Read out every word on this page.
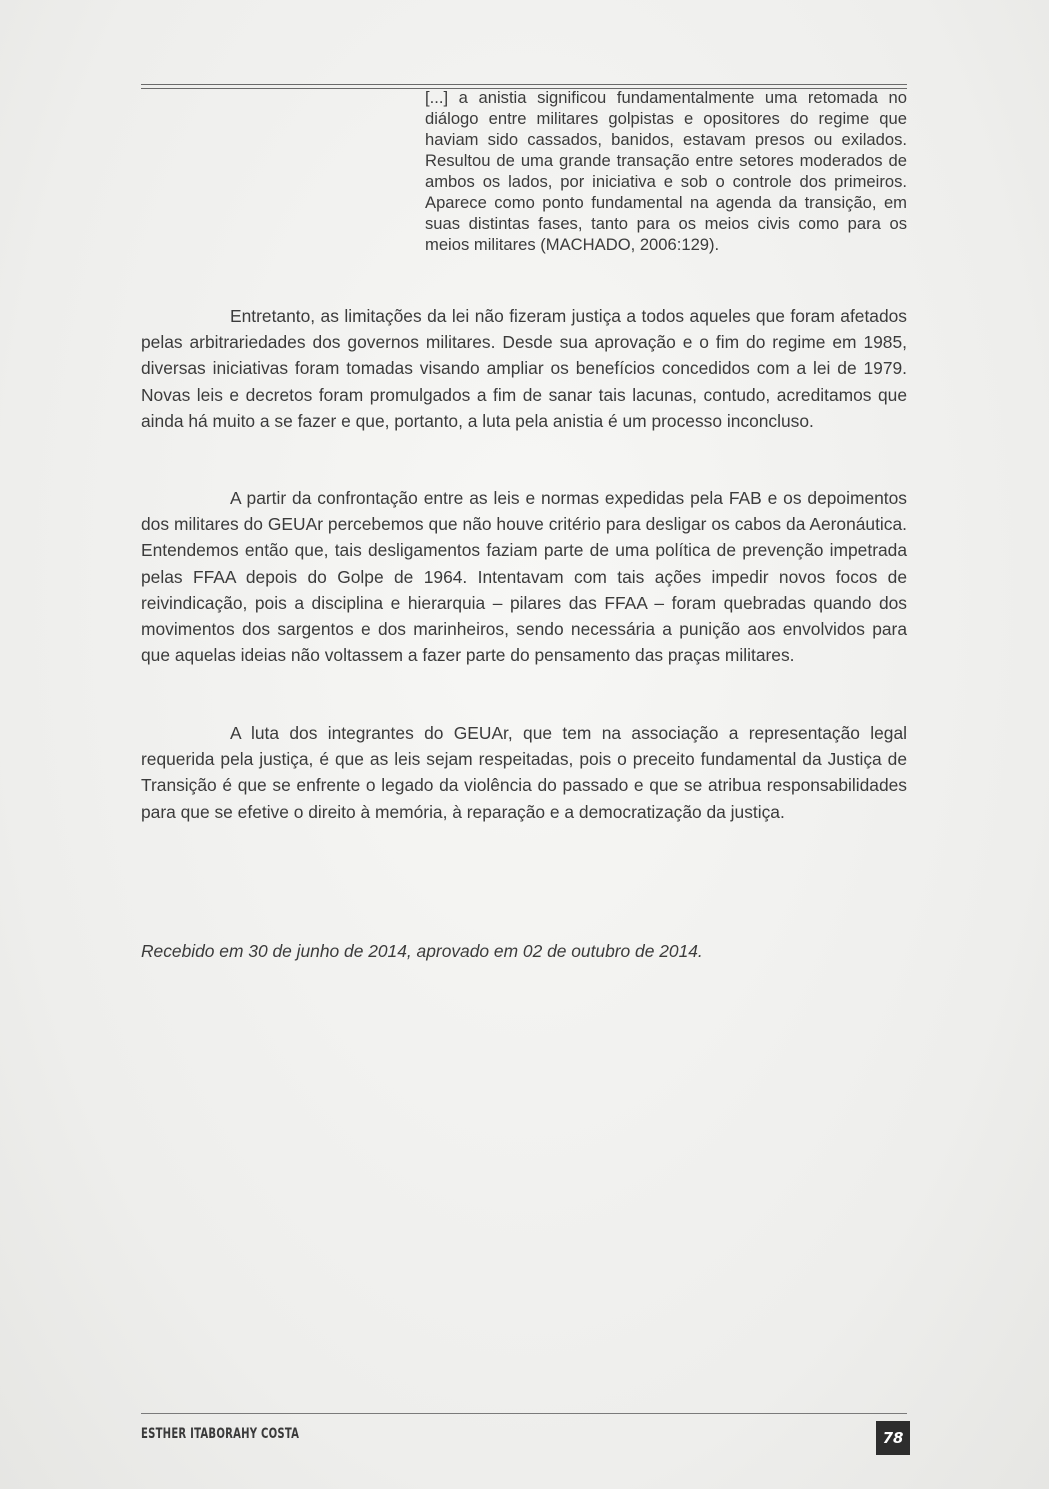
[...] a anistia significou fundamentalmente uma retomada no diálogo entre militares golpistas e opositores do regime que haviam sido cassados, banidos, estavam presos ou exilados. Resultou de uma grande transação entre setores moderados de ambos os lados, por iniciativa e sob o controle dos primeiros. Aparece como ponto fundamental na agenda da transição, em suas distintas fases, tanto para os meios civis como para os meios militares (MACHADO, 2006:129).

Entretanto, as limitações da lei não fizeram justiça a todos aqueles que foram afetados pelas arbitrariedades dos governos militares. Desde sua aprovação e o fim do regime em 1985, diversas iniciativas foram tomadas visando ampliar os benefícios concedidos com a lei de 1979. Novas leis e decretos foram promulgados a fim de sanar tais lacunas, contudo, acreditamos que ainda há muito a se fazer e que, portanto, a luta pela anistia é um processo inconcluso.

A partir da confrontação entre as leis e normas expedidas pela FAB e os depoimentos dos militares do GEUAr percebemos que não houve critério para desligar os cabos da Aeronáutica. Entendemos então que, tais desligamentos faziam parte de uma política de prevenção impetrada pelas FFAA depois do Golpe de 1964. Intentavam com tais ações impedir novos focos de reivindicação, pois a disciplina e hierarquia – pilares das FFAA – foram quebradas quando dos movimentos dos sargentos e dos marinheiros, sendo necessária a punição aos envolvidos para que aquelas ideias não voltassem a fazer parte do pensamento das praças militares.

A luta dos integrantes do GEUAr, que tem na associação a representação legal requerida pela justiça, é que as leis sejam respeitadas, pois o preceito fundamental da Justiça de Transição é que se enfrente o legado da violência do passado e que se atribua responsabilidades para que se efetive o direito à memória, à reparação e a democratização da justiça.

Recebido em 30 de junho de 2014, aprovado em 02 de outubro de 2014.

ESTHER ITABORAHY COSTA	78
